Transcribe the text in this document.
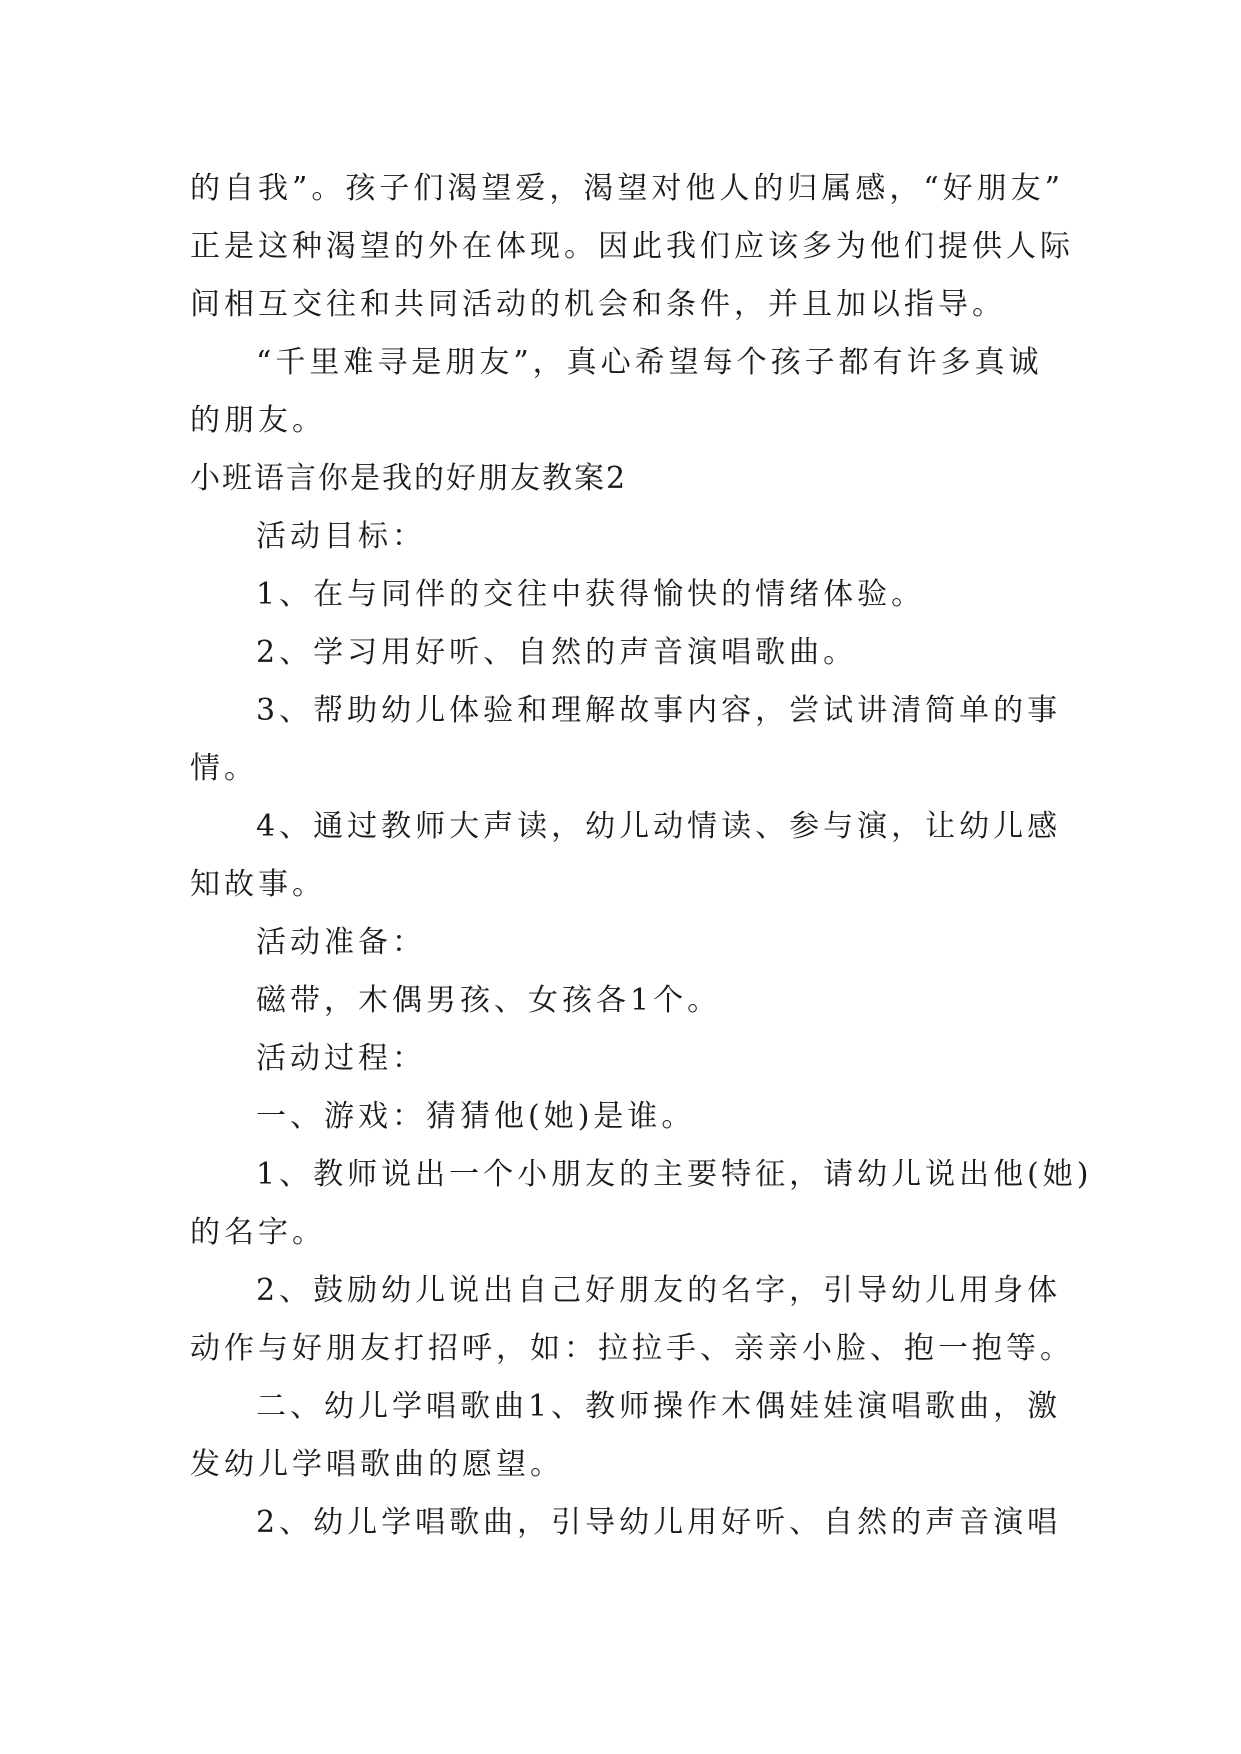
的自我”。孩子们渴望爱，渴望对他人的归属感，“好朋友”
正是这种渴望的外在体现。因此我们应该多为他们提供人际
间相互交往和共同活动的机会和条件，并且加以指导。
“千里难寻是朋友”，真心希望每个孩子都有许多真诚
的朋友。
小班语言你是我的好朋友教案2
活动目标：
1、在与同伴的交往中获得愉快的情绪体验。
2、学习用好听、自然的声音演唱歌曲。
3、帮助幼儿体验和理解故事内容，尝试讲清简单的事
情。
4、通过教师大声读，幼儿动情读、参与演，让幼儿感
知故事。
活动准备：
磁带，木偶男孩、女孩各1个。
活动过程：
一、游戏：猜猜他(她)是谁。
1、教师说出一个小朋友的主要特征，请幼儿说出他(她)
的名字。
2、鼓励幼儿说出自己好朋友的名字，引导幼儿用身体
动作与好朋友打招呼，如：拉拉手、亲亲小脸、抱一抱等。
二、幼儿学唱歌曲1、教师操作木偶娃娃演唱歌曲，激
发幼儿学唱歌曲的愿望。
2、幼儿学唱歌曲，引导幼儿用好听、自然的声音演唱
